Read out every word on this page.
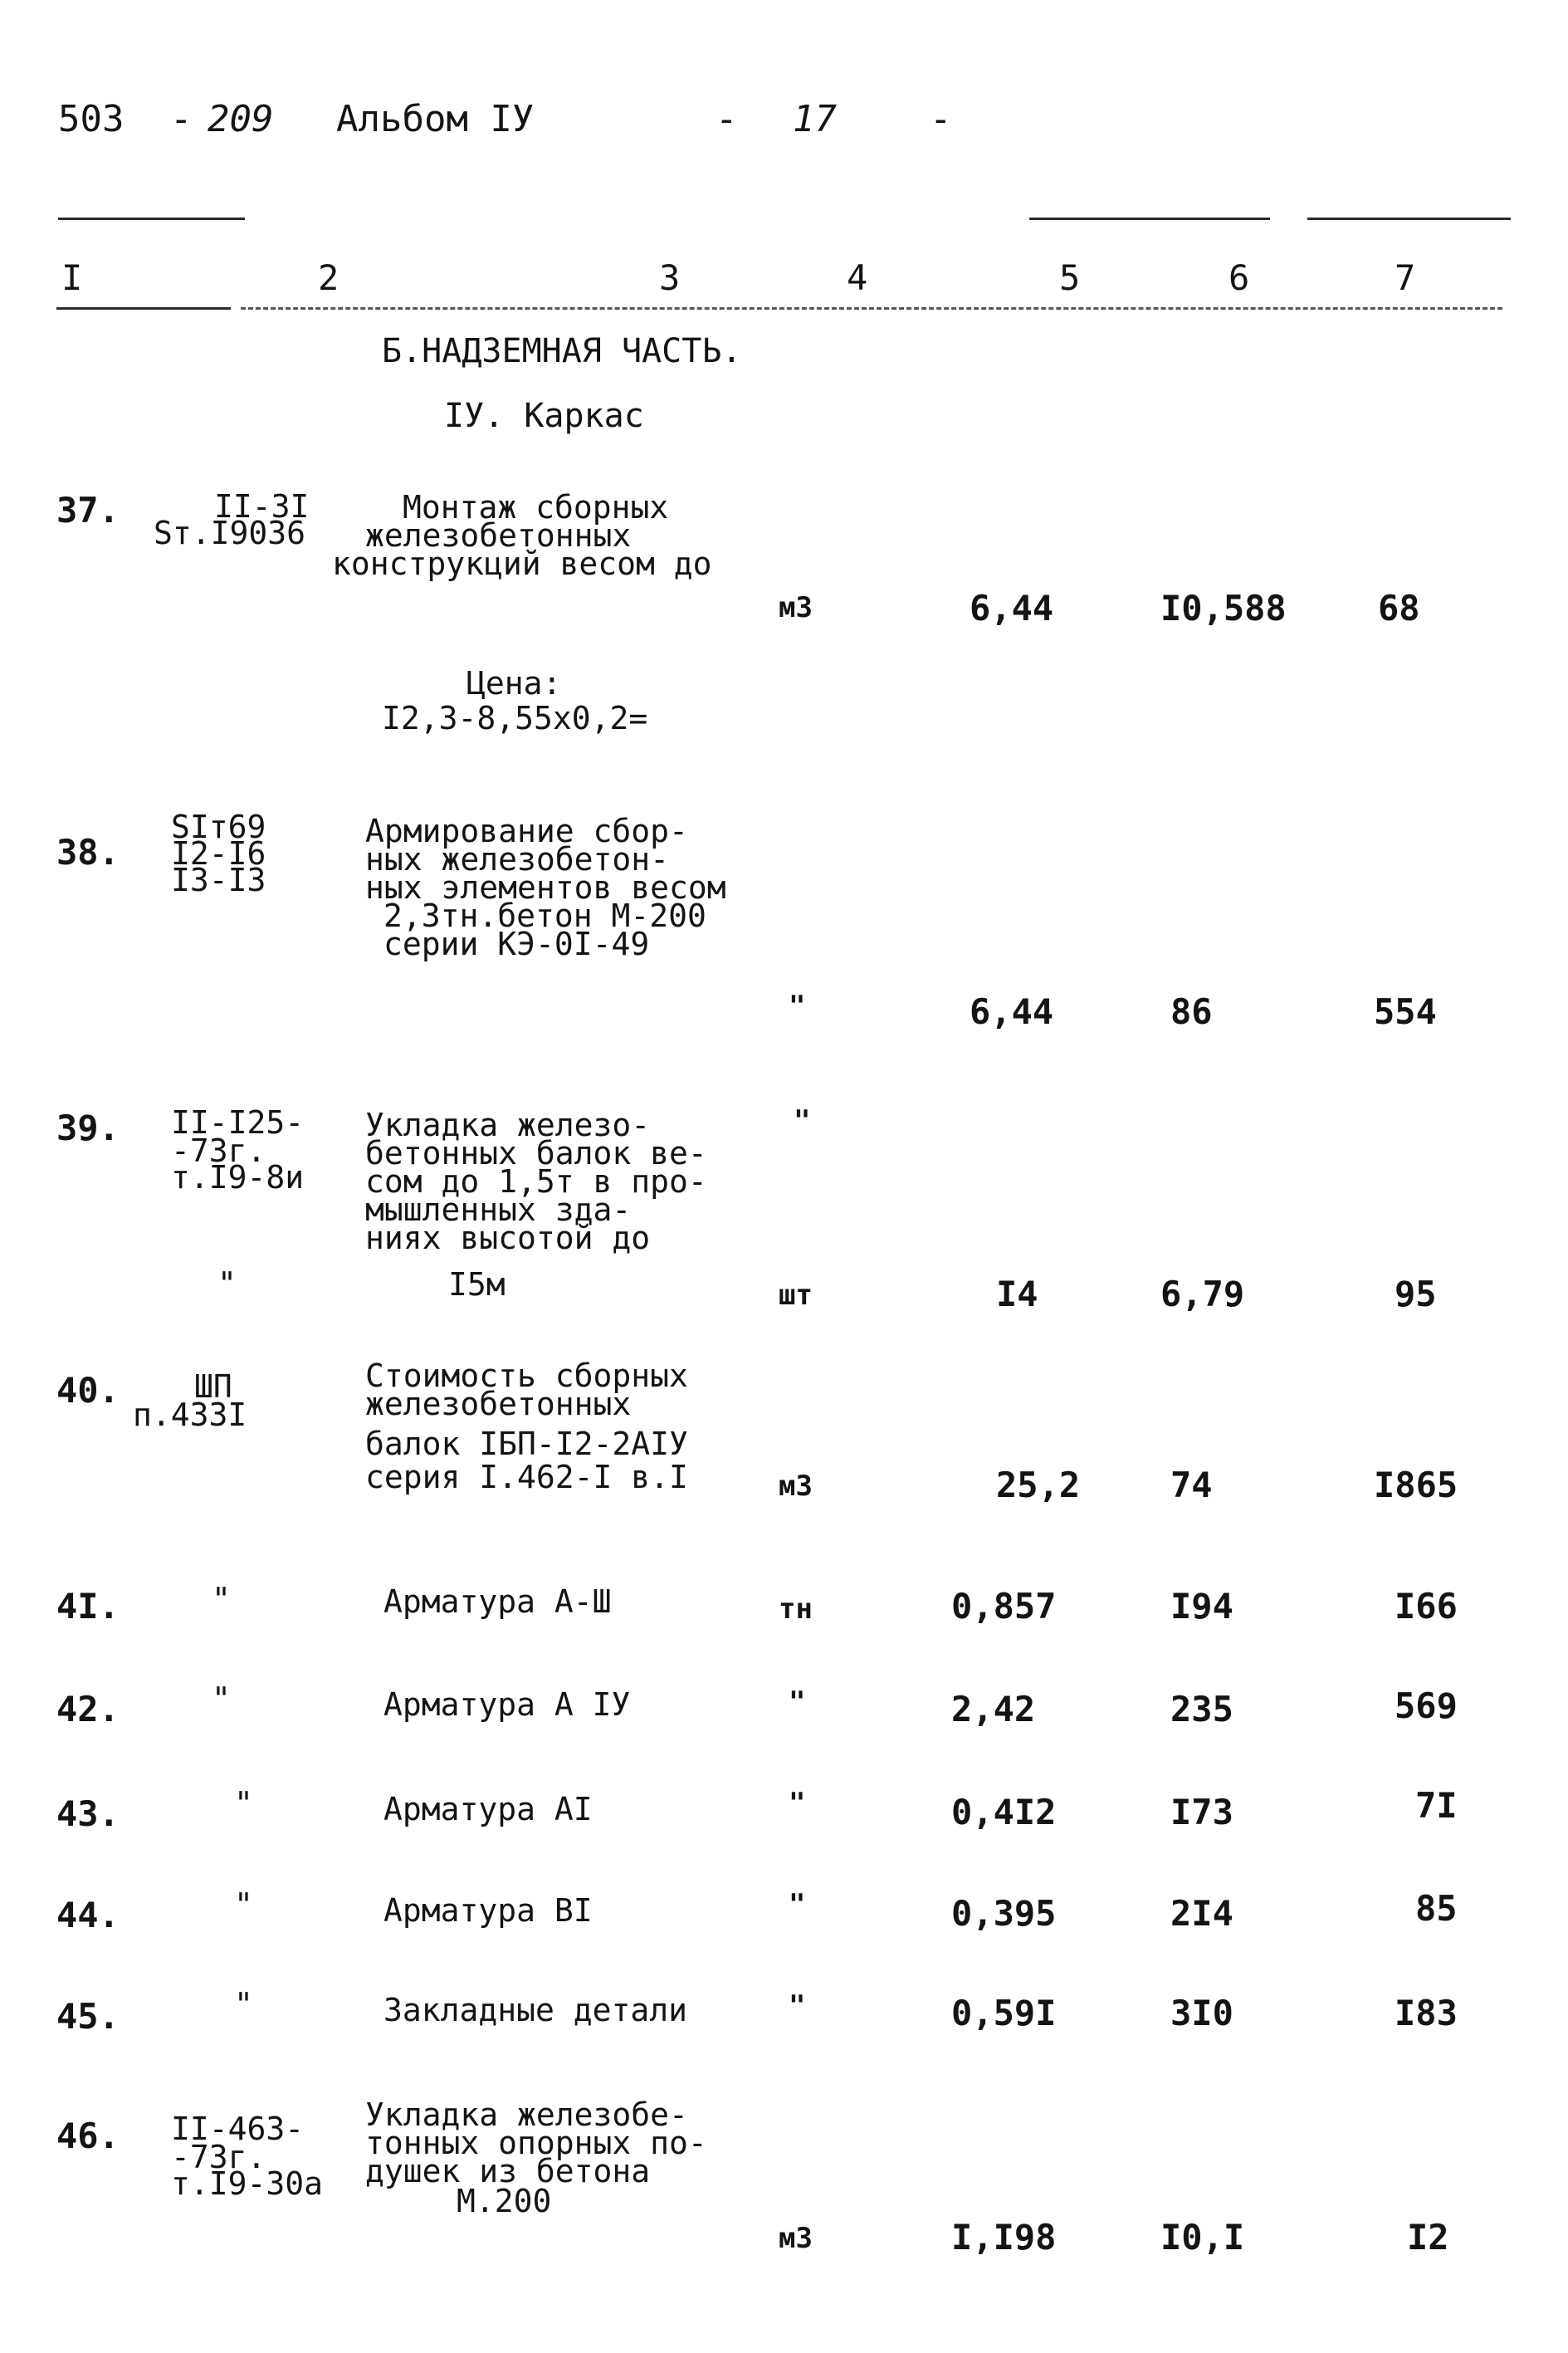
503 - 209 Альбом IУ	- 17	-
I	2	3	4	5	6	7
Б.НАДЗЕМНАЯ ЧАСТЬ.
IУ. Каркас
37.	II-3I
Sт.I9036
Монтаж сборных
железобетонных
конструкций весом до
м3	6,44	I0,588	68
Цена:
I2,3-8,55х0,2=
38.
SIт69
I2-I6
I3-I3
Армирование сбор-
ных железобетон-
ных элементов весом
2,3тн.бетон М-200
серии КЭ-0I-49
"	6,44	86	554
39. II-I25-
-73г.
т.I9-8и
"
Укладка железо-
бетонных балок ве-
сом до 1,5т в про-
мышленных зда-
ниях высотой до
I5м
"
шт	I4	6,79	95
40. ШП
п.433I
Стоимость сборных
железобетонных
балок IБП-I2-2AIУ
серия I.462-I в.I	м3	25,2	74	I865
4I.	"	Арматура А-Ш	тн	0,857	I94	I66
42.	"	Арматура А IУ	"	2,42	235	569
43.	"	Арматура АI	"	0,4I2	I73	7I
44.	"	Арматура ВI	"	0,395	2I4	85
45.	"	Закладные детали	"	0,59I	3I0	I83
46. II-463-
-73г.
т.I9-30а
Укладка железобе-
тонных опорных по-
душек из бетона
М.200
м3	I,I98	I0,I	I2
